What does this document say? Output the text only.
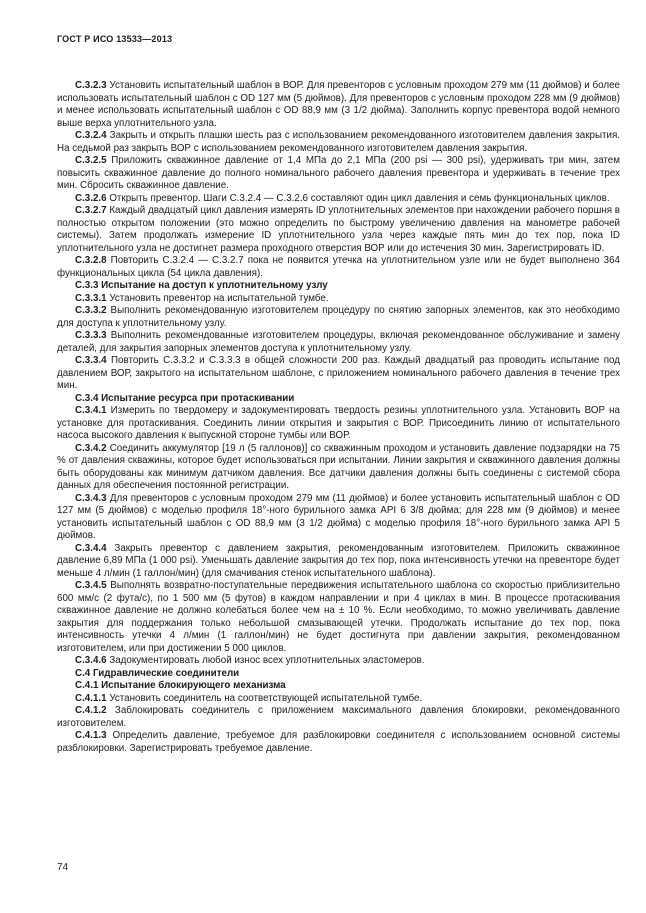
ГОСТ Р ИСО 13533—2013

С.3.2.3 Установить испытательный шаблон в ВОР. Для превенторов с условным проходом 279 мм (11 дюймов) и более использовать испытательный шаблон с OD 127 мм (5 дюймов). Для превенторов с условным проходом 228 мм (9 дюймов) и менее использовать испытательный шаблон с OD 88,9 мм (3 1/2 дюйма). Заполнить корпус превентора водой немного выше верха уплотнительного узла.

С.3.2.4 Закрыть и открыть плашки шесть раз с использованием рекомендованного изготовителем давления закрытия. На седьмой раз закрыть ВОР с использованием рекомендованного изготовителем давления закрытия.

С.3.2.5 Приложить скважинное давление от 1,4 МПа до 2,1 МПа (200 psi — 300 psi), удерживать три мин, затем повысить скважинное давление до полного номинального рабочего давления превентора и удерживать в течение трех мин. Сбросить скважинное давление.

С.3.2.6 Открыть превентор. Шаги С.3.2.4 — С.3.2.6 составляют один цикл давления и семь функциональных циклов.

С.3.2.7 Каждый двадцатый цикл давления измерять ID уплотнительных элементов при нахождении рабочего поршня в полностью открытом положении (это можно определить по быстрому увеличению давления на манометре рабочей системы). Затем продолжать измерение ID уплотнительного узла через каждые пять мин до тех пор, пока ID уплотнительного узла не достигнет размера проходного отверстия ВОР или до истечения 30 мин. Зарегистрировать ID.

С.3.2.8 Повторить С.3.2.4 — С.3.2.7 пока не появится утечка на уплотнительном узле или не будет выполнено 364 функциональных цикла (54 цикла давления).

С.3.3 Испытание на доступ к уплотнительному узлу

С.3.3.1 Установить превентор на испытательной тумбе.

С.3.3.2 Выполнить рекомендованную изготовителем процедуру по снятию запорных элементов, как это необходимо для доступа к уплотнительному узлу.

С.3.3.3 Выполнить рекомендованные изготовителем процедуры, включая рекомендованное обслуживание и замену деталей, для закрытия запорных элементов доступа к уплотнительному узлу.

С.3.3.4 Повторить С.3.3.2 и С.3.3.3 в общей сложности 200 раз. Каждый двадцатый раз проводить испытание под давлением ВОР, закрытого на испытательном шаблоне, с приложением номинального рабочего давления в течение трех мин.

С.3.4 Испытание ресурса при протаскивании

С.3.4.1 Измерить по твердомеру и задокументировать твердость резины уплотнительного узла. Установить ВОР на установке для протаскивания. Соединить линии открытия и закрытия с ВОР. Присоединить линию от испытательного насоса высокого давления к выпускной стороне тумбы или ВОР.

С.3.4.2 Соединить аккумулятор [19 л (5 галлонов)] со скважинным проходом и установить давление подзарядки на 75 % от давления скважины, которое будет использоваться при испытании. Линии закрытия и скважинного давления должны быть оборудованы как минимум датчиком давления. Все датчики давления должны быть соединены с системой сбора данных для обеспечения постоянной регистрации.

С.3.4.3 Для превенторов с условным проходом 279 мм (11 дюймов) и более установить испытательный шаблон с OD 127 мм (5 дюймов) с моделью профиля 18°-ного бурильного замка API 6 3/8 дюйма; для 228 мм (9 дюймов) и менее установить испытательный шаблон с OD 88,9 мм (3 1/2 дюйма) с моделью профиля 18°-ного бурильного замка API 5 дюймов.

С.3.4.4 Закрыть превентор с давлением закрытия, рекомендованным изготовителем. Приложить скважинное давление 6,89 МПа (1 000 psi). Уменьшать давление закрытия до тех пор, пока интенсивность утечки на превенторе будет меньше 4 л/мин (1 галлон/мин) (для смачивания стенок испытательного шаблона).

С.3.4.5 Выполнять возвратно-поступательные передвижения испытательного шаблона со скоростью приблизительно 600 мм/с (2 фута/с), по 1 500 мм (5 футов) в каждом направлении и при 4 циклах в мин. В процессе протаскивания скважинное давление не должно колебаться более чем на ± 10 %. Если необходимо, то можно увеличивать давление закрытия для поддержания только небольшой смазывающей утечки. Продолжать испытание до тех пор, пока интенсивность утечки 4 л/мин (1 галлон/мин) не будет достигнута при давлении закрытия, рекомендованном изготовителем, или при достижении 5 000 циклов.

С.3.4.6 Задокументировать любой износ всех уплотнительных эластомеров.

С.4 Гидравлические соединители

С.4.1 Испытание блокирующего механизма

С.4.1.1 Установить соединитель на соответствующей испытательной тумбе.

С.4.1.2 Заблокировать соединитель с приложением максимального давления блокировки, рекомендованного изготовителем.

С.4.1.3 Определить давление, требуемое для разблокировки соединителя с использованием основной системы разблокировки. Зарегистрировать требуемое давление.

74
